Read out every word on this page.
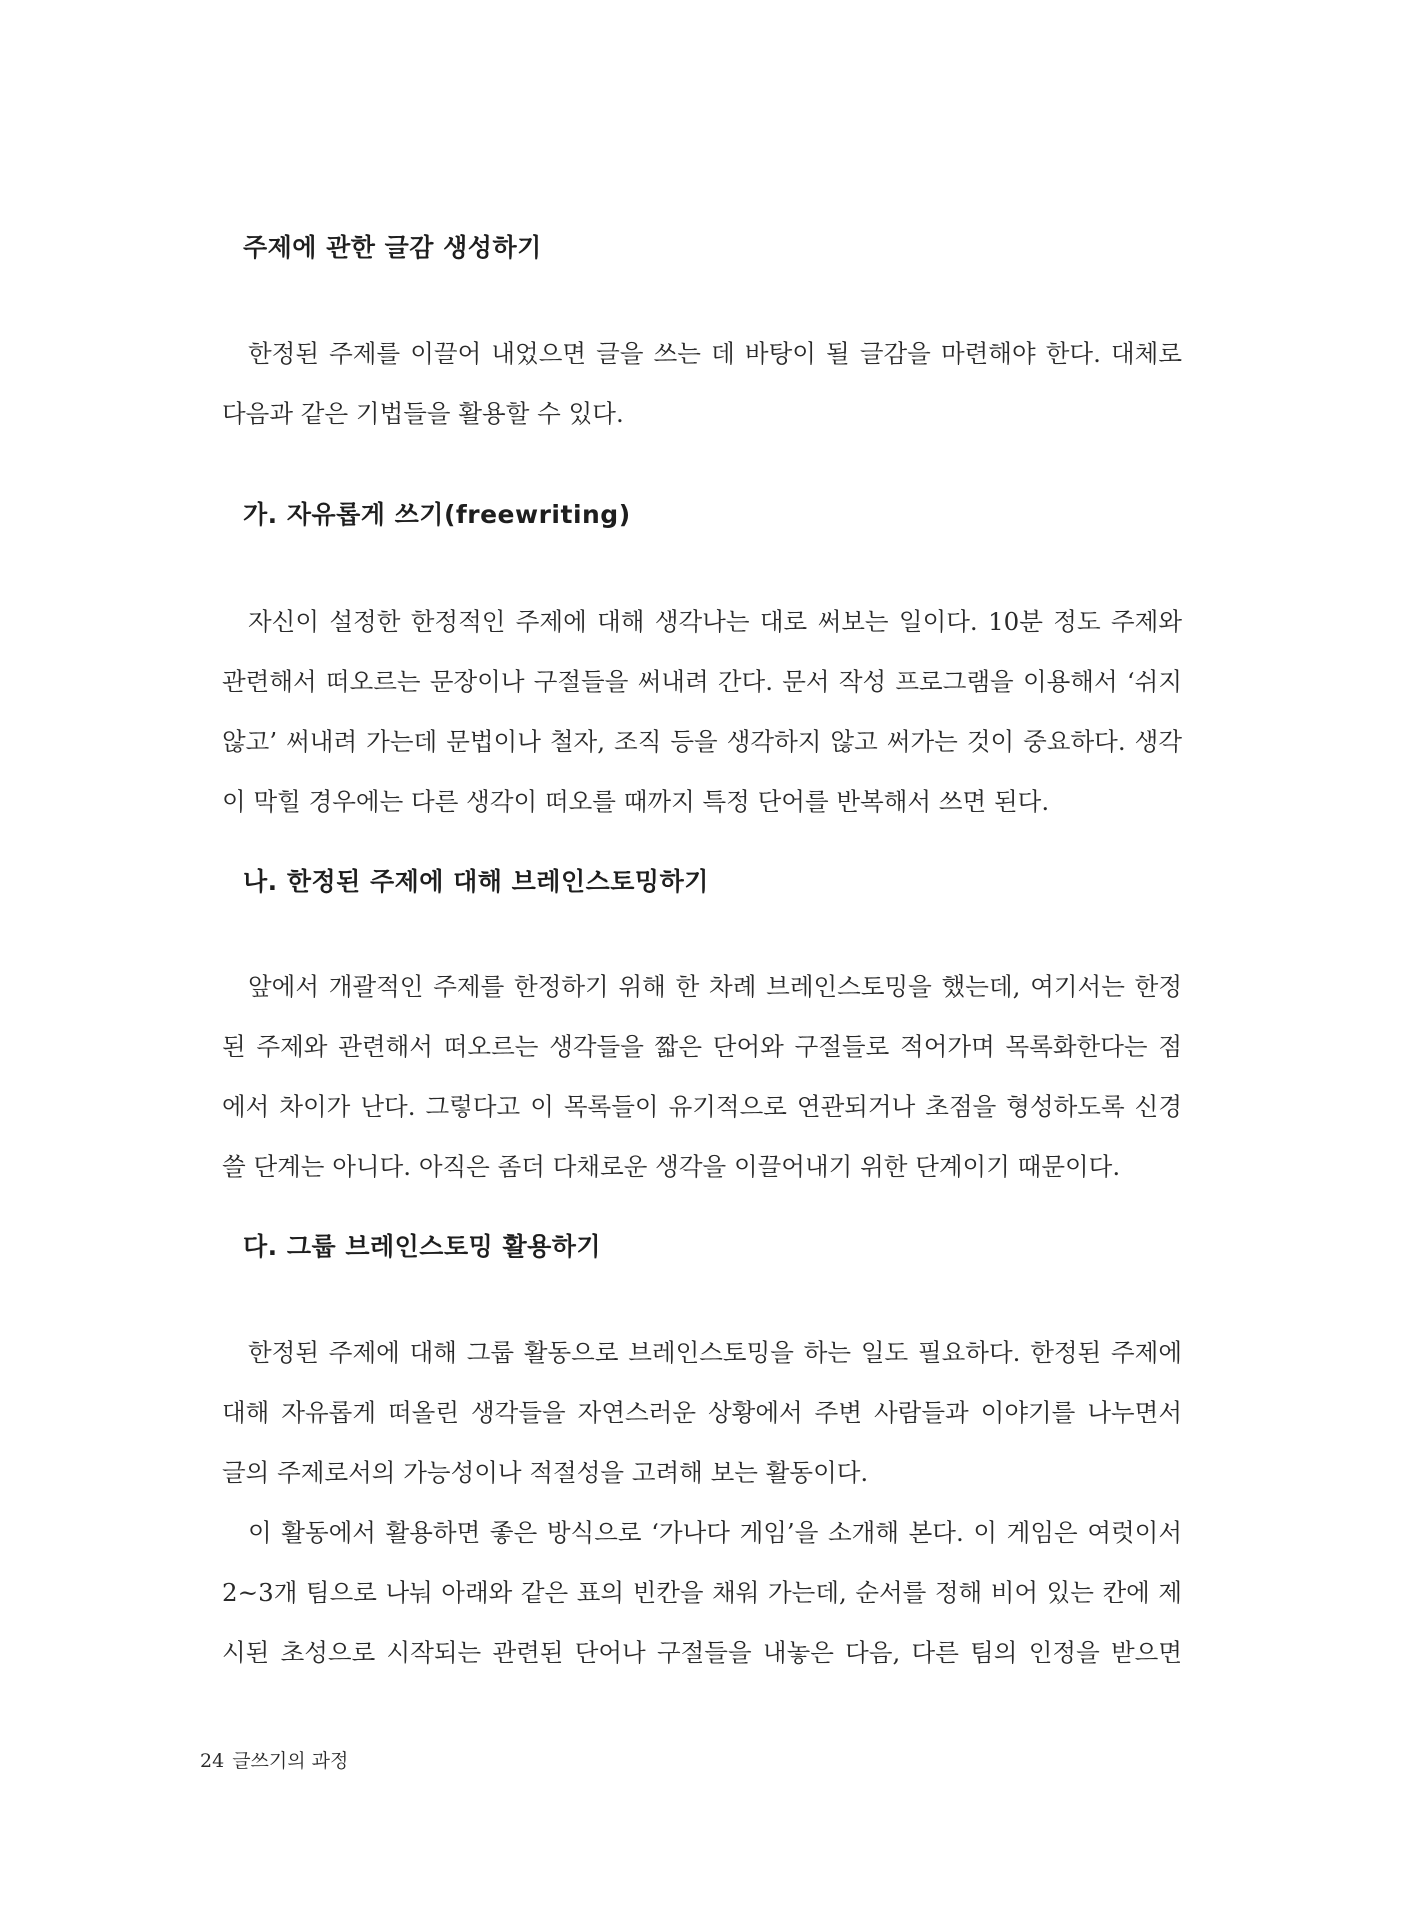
주제에 관한 글감 생성하기
한정된 주제를 이끌어 내었으면 글을 쓰는 데 바탕이 될 글감을 마련해야 한다. 대체로
다음과 같은 기법들을 활용할 수 있다.
가. 자유롭게 쓰기(freewriting)
자신이 설정한 한정적인 주제에 대해 생각나는 대로 써보는 일이다. 10분 정도 주제와
관련해서 떠오르는 문장이나 구절들을 써내려 간다. 문서 작성 프로그램을 이용해서 ‘쉬지
않고’ 써내려 가는데 문법이나 철자, 조직 등을 생각하지 않고 써가는 것이 중요하다. 생각
이 막힐 경우에는 다른 생각이 떠오를 때까지 특정 단어를 반복해서 쓰면 된다.
나. 한정된 주제에 대해 브레인스토밍하기
앞에서 개괄적인 주제를 한정하기 위해 한 차례 브레인스토밍을 했는데, 여기서는 한정
된 주제와 관련해서 떠오르는 생각들을 짧은 단어와 구절들로 적어가며 목록화한다는 점
에서 차이가 난다. 그렇다고 이 목록들이 유기적으로 연관되거나 초점을 형성하도록 신경
쓸 단계는 아니다. 아직은 좀더 다채로운 생각을 이끌어내기 위한 단계이기 때문이다.
다. 그룹 브레인스토밍 활용하기
한정된 주제에 대해 그룹 활동으로 브레인스토밍을 하는 일도 필요하다. 한정된 주제에
대해 자유롭게 떠올린 생각들을 자연스러운 상황에서 주변 사람들과 이야기를 나누면서
글의 주제로서의 가능성이나 적절성을 고려해 보는 활동이다.
이 활동에서 활용하면 좋은 방식으로 ‘가나다 게임’을 소개해 본다. 이 게임은 여럿이서
2~3개 팀으로 나눠 아래와 같은 표의 빈칸을 채워 가는데, 순서를 정해 비어 있는 칸에 제
시된 초성으로 시작되는 관련된 단어나 구절들을 내놓은 다음, 다른 팀의 인정을 받으면
24 글쓰기의 과정
